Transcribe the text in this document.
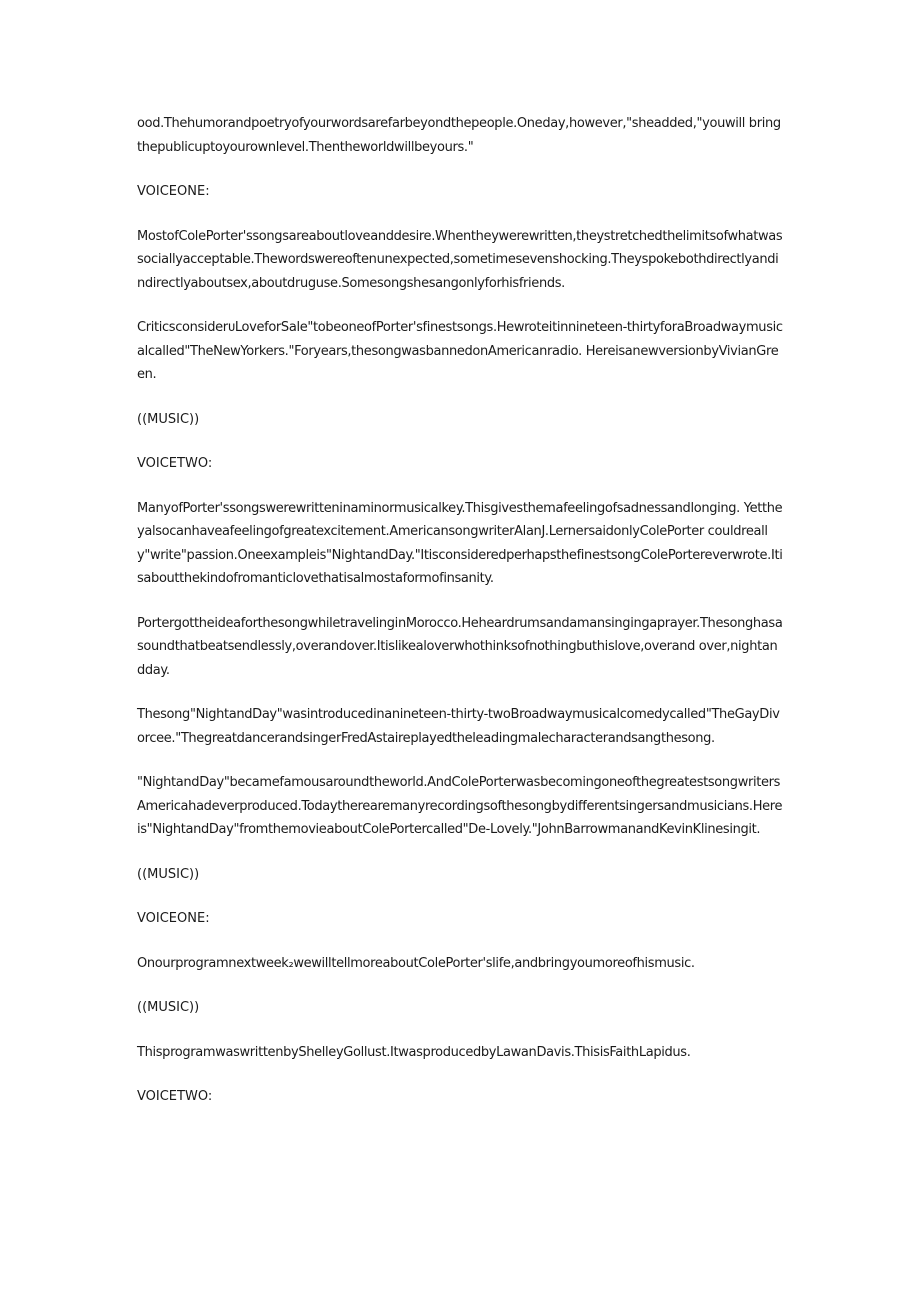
ood.Thehumorandpoetryofyourwordsarefarbeyondthepeople.Oneday,however,"sheadded,"youwill bringthepublicuptoyourownlevel.Thentheworldwillbeyours."

VOICEONE:

MostofColePorter'ssongsareaboutloveanddesire.Whentheywerewritten,theystretchedthelimitsofwhatwassociallyacceptable.Thewordswereoftenunexpected,sometimesevenshocking.Theyspokebothdirectlyandindirectlyaboutsex,aboutdruguse.Somesongshesangonlyforhisfriends.

CriticsconsiderᴜLoveforSale"tobeoneofPorter'sfinestsongs.Hewroteitinnineteen-thirtyforaBroadwaymusicalcalled"TheNewYorkers."Foryears,thesongwasbannedonAmericanradio. HereisanewversionbyVivianGreen.

((MUSIC))

VOICETWO:

ManyofPorter'ssongswerewritteninaminormusicalkey.Thisgivesthemafeelingofsadnessandlonging. Yettheyalsocanhaveafeelingofgreatexcitement.AmericansongwriterAlanJ.LernersaidonlyColePorter couldreally"write"passion.Oneexampleis"NightandDay."ItisconsideredperhapsthefinestsongColePortereverwrote.Itisaboutthekindofromanticlovethatisalmostaformofinsanity.

PortergottheideaforthesongwhiletravelinginMorocco.Heheardrumsandamansingingaprayer.Thesonghasasoundthatbeatsendlessly,overandover.Itislikealoverwhothinksofnothingbuthislove,overand over,nightandday.

Thesong"NightandDay"wasintroducedinanineteen-thirty-twoBroadwaymusicalcomedycalled"TheGayDivorcee."ThegreatdancerandsingerFredAstaireplayedtheleadingmalecharacterandsangthesong.

"NightandDay"becamefamousaroundtheworld.AndColePorterwasbecomingoneofthegreatestsongwritersAmericahadeverproduced.Todaytherearemanyrecordingsofthesongbydifferentsingersandmusicians.Hereis"NightandDay"fromthemovieaboutColePortercalled"De-Lovely."JohnBarrowmanandKevinKlinesingit.

((MUSIC))

VOICEONE:

Onourprogramnextweek₂wewilltellmoreaboutColePorter'slife,andbringyoumoreofhismusic.

((MUSIC))

ThisprogramwaswrittenbyShelleyGollust.ItwasproducedbyLawanDavis.ThisisFaithLapidus.

VOICETWO:
